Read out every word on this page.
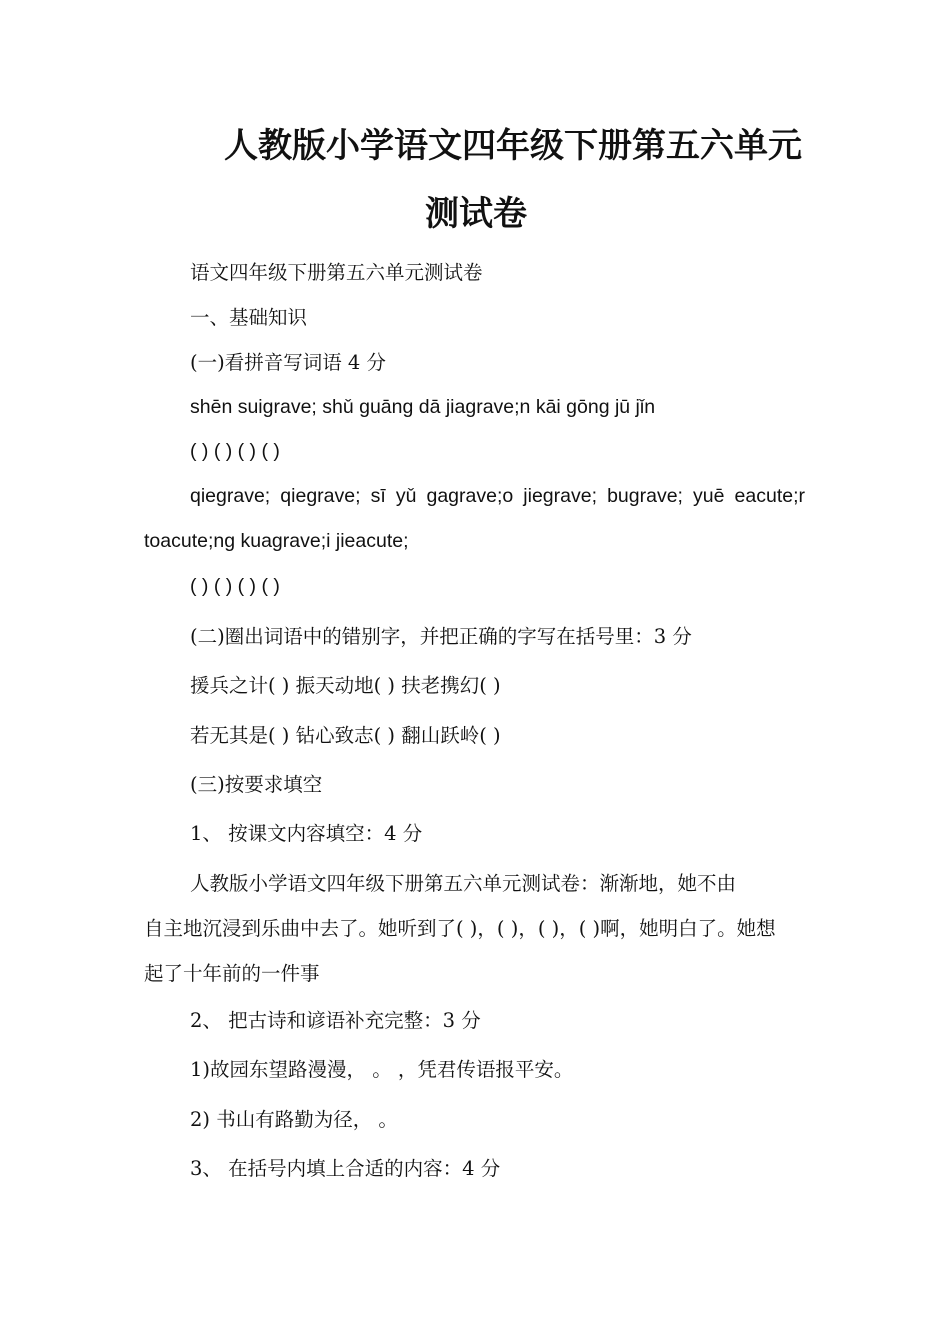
人教版小学语文四年级下册第五六单元
测试卷
语文四年级下册第五六单元测试卷
一、基础知识
(一)看拼音写词语 4 分
shēn suigrave; shǔ guāng dā jiagrave;n kāi gōng jū jǐn
( ) ( ) ( ) ( )
qiegrave; qiegrave; sī yǔ gagrave;o jiegrave; bugrave; yuē eacute;r
toacute;ng kuagrave;i jieacute;
( ) ( ) ( ) ( )
(二)圈出词语中的错别字，并把正确的字写在括号里：3 分
援兵之计( ) 振天动地( ) 扶老携幻( )
若无其是( ) 钻心致志( ) 翻山跃岭( )
(三)按要求填空
1、 按课文内容填空：4 分
人教版小学语文四年级下册第五六单元测试卷：渐渐地，她不由
自主地沉浸到乐曲中去了。她听到了( )，( )，( )，( )啊，她明白了。她想
起了十年前的一件事
2、 把古诗和谚语补充完整：3 分
1)故园东望路漫漫， 。 ，凭君传语报平安。
2) 书山有路勤为径， 。
3、 在括号内填上合适的内容：4 分
